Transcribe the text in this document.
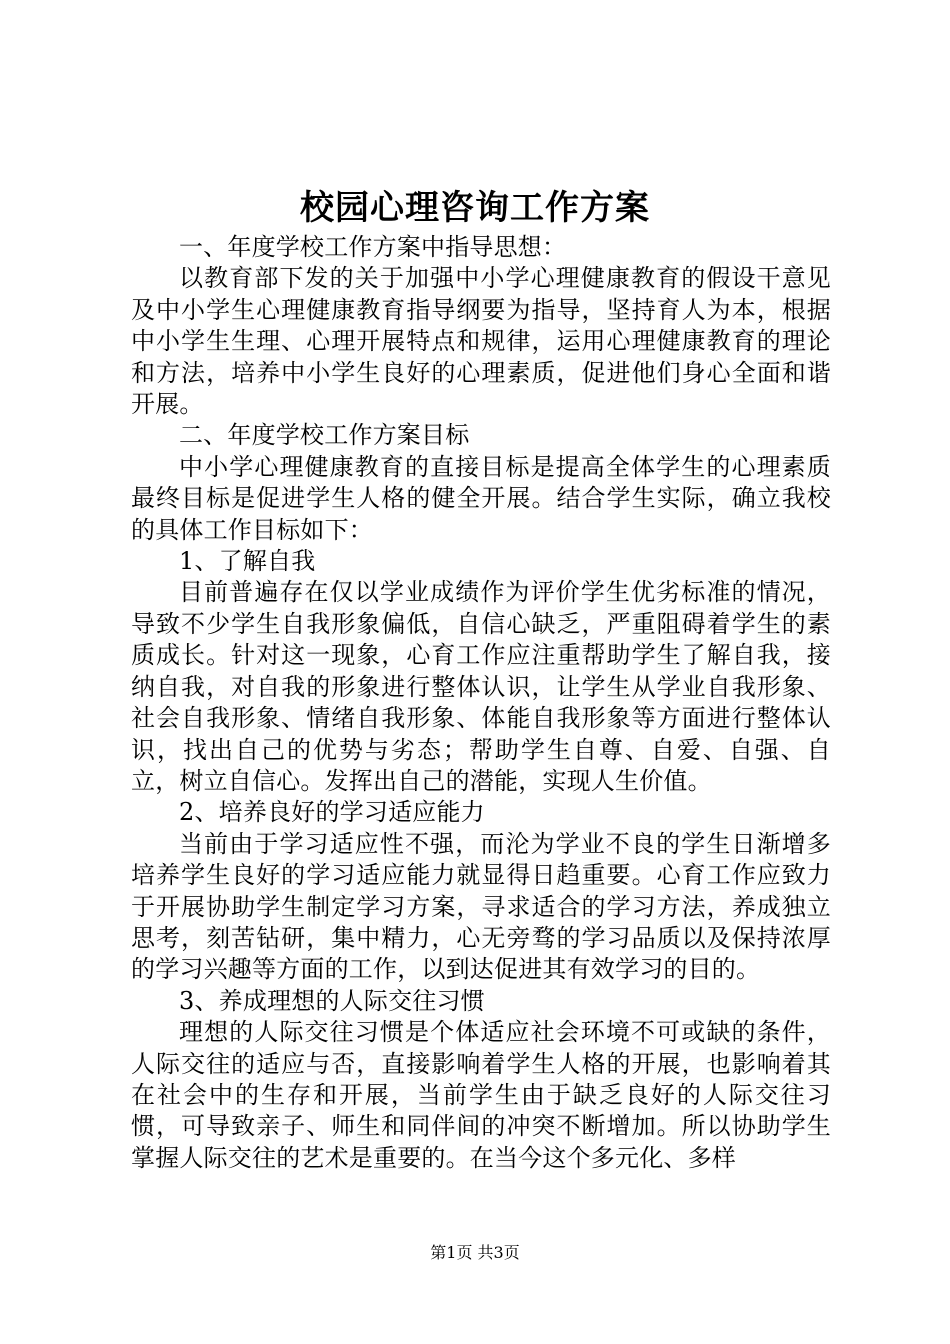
校园心理咨询工作方案

一、年度学校工作方案中指导思想：

以教育部下发的关于加强中小学心理健康教育的假设干意见及中小学生心理健康教育指导纲要为指导，坚持育人为本，根据中小学生生理、心理开展特点和规律，运用心理健康教育的理论和方法，培养中小学生良好的心理素质，促进他们身心全面和谐开展。

二、年度学校工作方案目标

中小学心理健康教育的直接目标是提高全体学生的心理素质最终目标是促进学生人格的健全开展。结合学生实际，确立我校的具体工作目标如下：

1、了解自我

目前普遍存在仅以学业成绩作为评价学生优劣标准的情况，导致不少学生自我形象偏低，自信心缺乏，严重阻碍着学生的素质成长。针对这一现象，心育工作应注重帮助学生了解自我，接纳自我，对自我的形象进行整体认识，让学生从学业自我形象、社会自我形象、情绪自我形象、体能自我形象等方面进行整体认识，找出自己的优势与劣态；帮助学生自尊、自爱、自强、自立，树立自信心。发挥出自己的潜能，实现人生价值。

2、培养良好的学习适应能力

当前由于学习适应性不强，而沦为学业不良的学生日渐增多培养学生良好的学习适应能力就显得日趋重要。心育工作应致力于开展协助学生制定学习方案，寻求适合的学习方法，养成独立思考，刻苦钻研，集中精力，心无旁骛的学习品质以及保持浓厚的学习兴趣等方面的工作，以到达促进其有效学习的目的。

3、养成理想的人际交往习惯

理想的人际交往习惯是个体适应社会环境不可或缺的条件，人际交往的适应与否，直接影响着学生人格的开展，也影响着其在社会中的生存和开展，当前学生由于缺乏良好的人际交往习惯，可导致亲子、师生和同伴间的冲突不断增加。所以协助学生掌握人际交往的艺术是重要的。在当今这个多元化、多样

第1页 共3页
